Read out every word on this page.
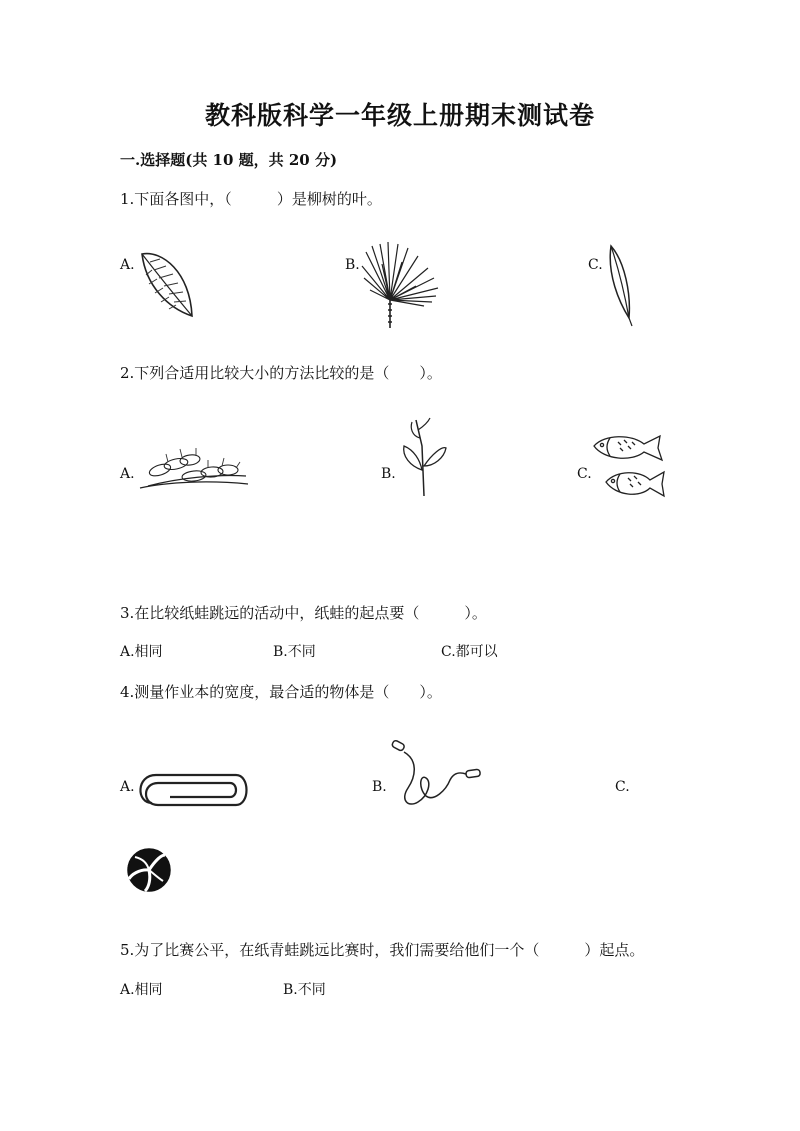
教科版科学一年级上册期末测试卷
一.选择题(共 10 题，共 20 分)
1.下面各图中，（　　　）是柳树的叶。
A.	B.	C.
2.下列合适用比较大小的方法比较的是（　　）。
A.	B.	C.
3.在比较纸蛙跳远的活动中，纸蛙的起点要（　　　）。
A.相同	B.不同	C.都可以
4.测量作业本的宽度，最合适的物体是（　　）。
A.	B.	C.
5.为了比赛公平，在纸青蛙跳远比赛时，我们需要给他们一个（　　　）起点。
A.相同	B.不同
